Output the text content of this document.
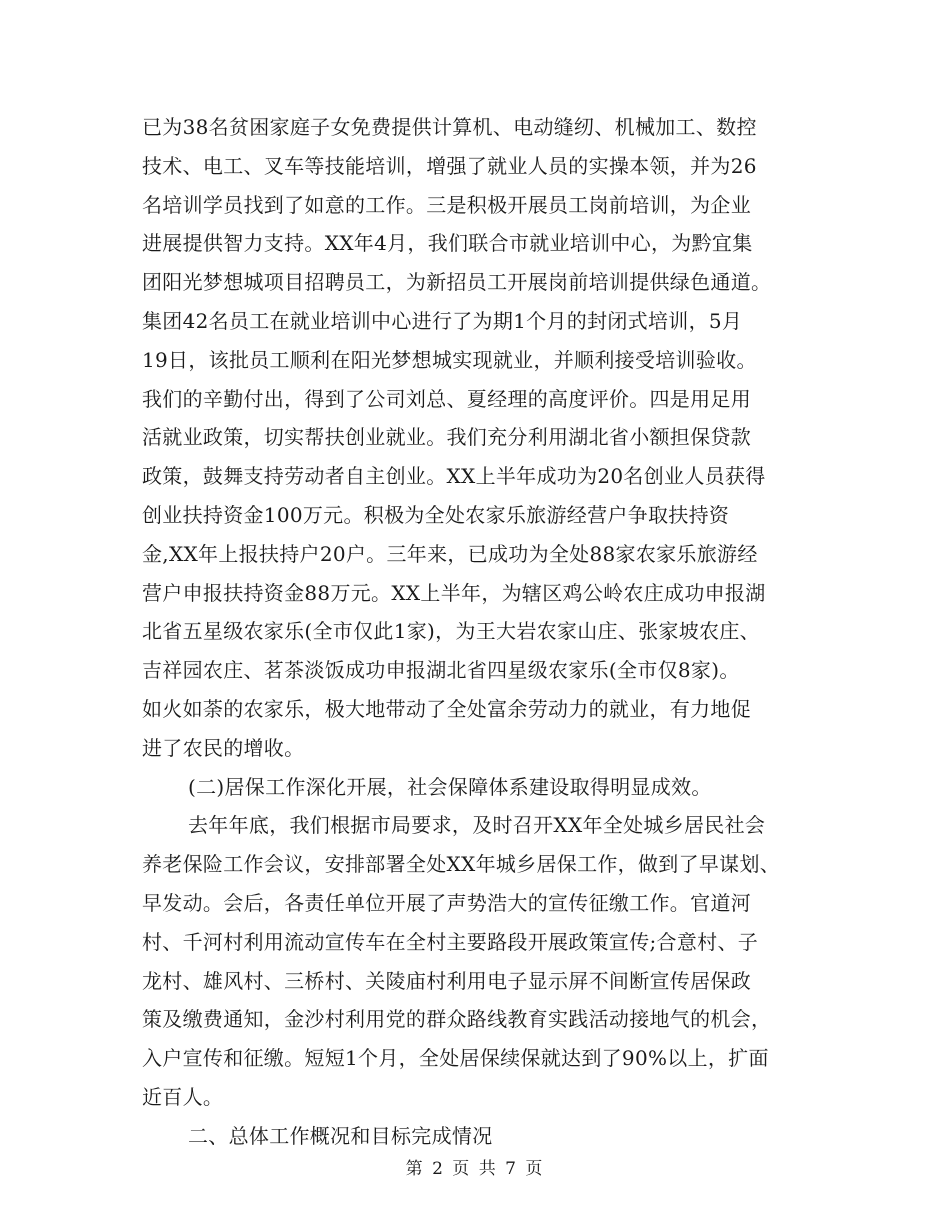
已为38名贫困家庭子女免费提供计算机、电动缝纫、机械加工、数控
技术、电工、叉车等技能培训，增强了就业人员的实操本领，并为26
名培训学员找到了如意的工作。三是积极开展员工岗前培训，为企业
进展提供智力支持。XX年4月，我们联合市就业培训中心，为黔宜集
团阳光梦想城项目招聘员工，为新招员工开展岗前培训提供绿色通道。
集团42名员工在就业培训中心进行了为期1个月的封闭式培训，5月
19日，该批员工顺利在阳光梦想城实现就业，并顺利接受培训验收。
我们的辛勤付出，得到了公司刘总、夏经理的高度评价。四是用足用
活就业政策，切实帮扶创业就业。我们充分利用湖北省小额担保贷款
政策，鼓舞支持劳动者自主创业。XX上半年成功为20名创业人员获得
创业扶持资金100万元。积极为全处农家乐旅游经营户争取扶持资
金,XX年上报扶持户20户。三年来，已成功为全处88家农家乐旅游经
营户申报扶持资金88万元。XX上半年，为辖区鸡公岭农庄成功申报湖
北省五星级农家乐(全市仅此1家)，为王大岩农家山庄、张家坡农庄、
吉祥园农庄、茗茶淡饭成功申报湖北省四星级农家乐(全市仅8家)。
如火如荼的农家乐，极大地带动了全处富余劳动力的就业，有力地促
进了农民的增收。
(二)居保工作深化开展，社会保障体系建设取得明显成效。
去年年底，我们根据市局要求，及时召开XX年全处城乡居民社会
养老保险工作会议，安排部署全处XX年城乡居保工作，做到了早谋划、
早发动。会后，各责任单位开展了声势浩大的宣传征缴工作。官道河
村、千河村利用流动宣传车在全村主要路段开展政策宣传;合意村、子
龙村、雄风村、三桥村、关陵庙村利用电子显示屏不间断宣传居保政
策及缴费通知，金沙村利用党的群众路线教育实践活动接地气的机会，
入户宣传和征缴。短短1个月，全处居保续保就达到了90%以上，扩面
近百人。
二、总体工作概况和目标完成情况
第 2 页 共 7 页
